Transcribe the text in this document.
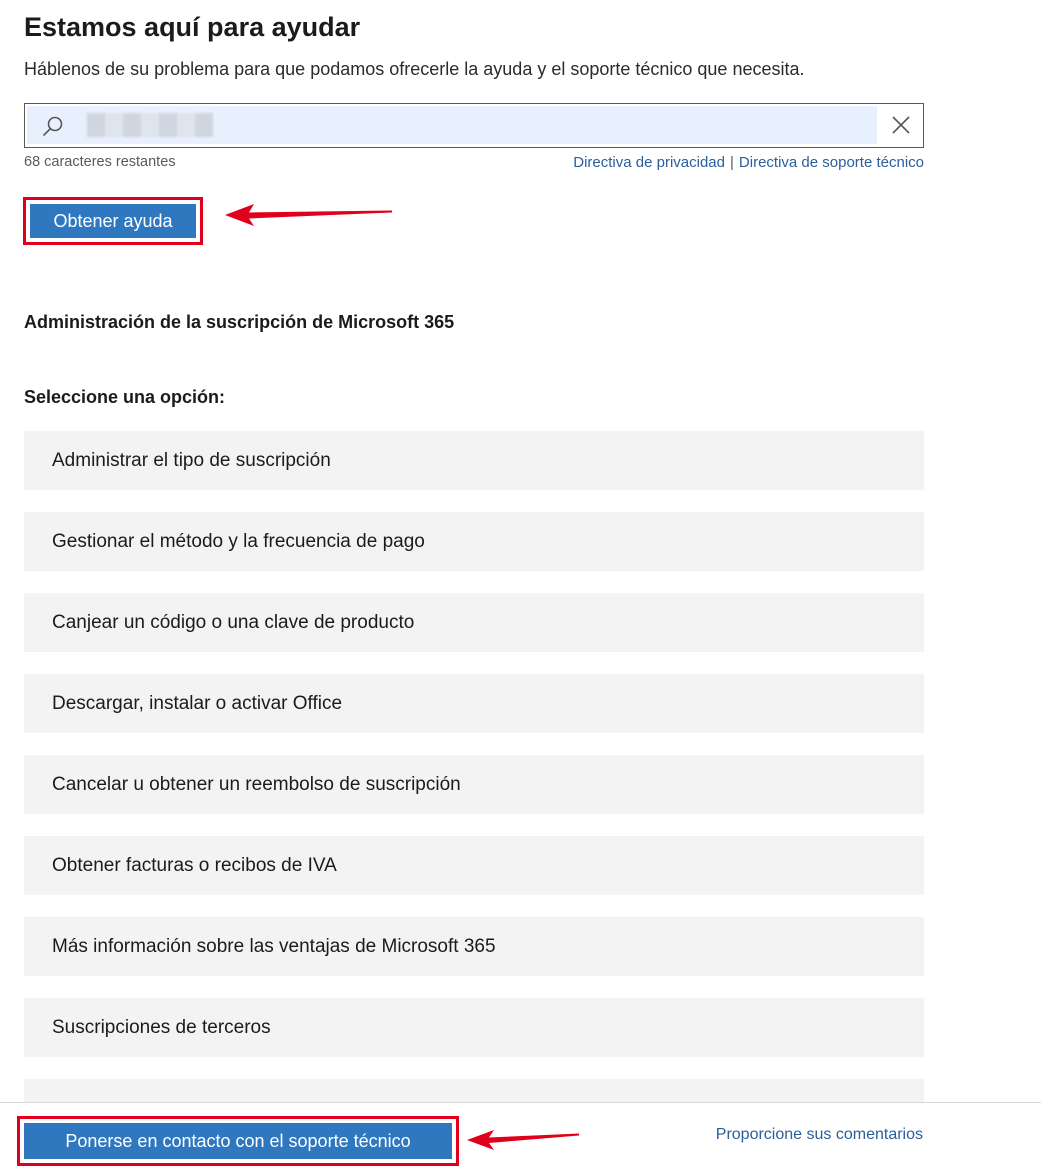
Estamos aquí para ayudar

Háblenos de su problema para que podamos ofrecerle la ayuda y el soporte técnico que necesita.

68 caracteres restantes	Directiva de privacidad | Directiva de soporte técnico
Obtener ayuda
Administración de la suscripción de Microsoft 365
Seleccione una opción:
Administrar el tipo de suscripción
Gestionar el método y la frecuencia de pago
Canjear un código o una clave de producto
Descargar, instalar o activar Office
Cancelar u obtener un reembolso de suscripción
Obtener facturas o recibos de IVA
Más información sobre las ventajas de Microsoft 365
Suscripciones de terceros
Ponerse en contacto con el soporte técnico	Proporcione sus comentarios
